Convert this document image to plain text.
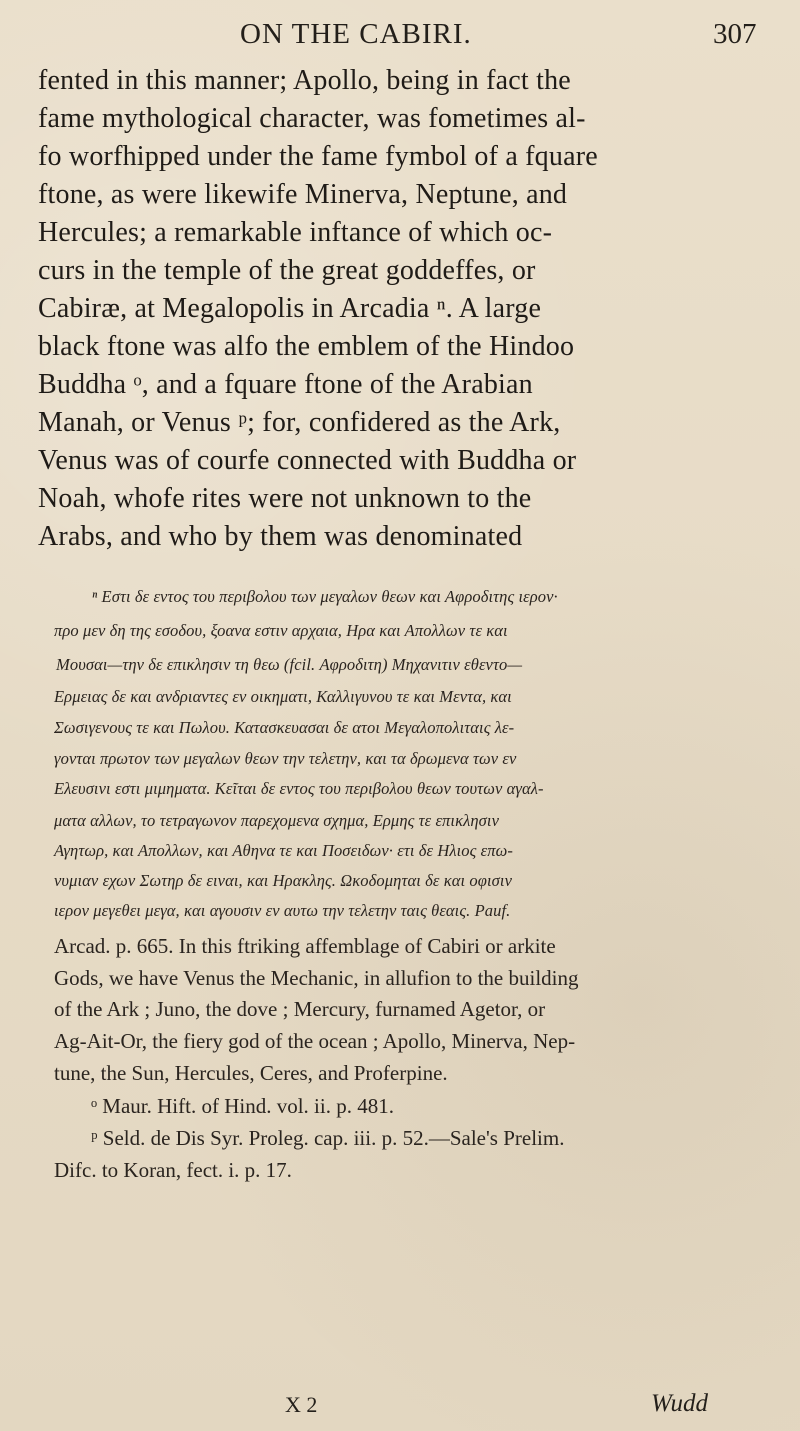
ON THE CABIRI.	307
fented in this manner; Apollo, being in fact the
fame mythological character, was fometimes al-
fo worfhipped under the fame fymbol of a fquare
ftone, as were likewife Minerva, Neptune, and
Hercules; a remarkable inftance of which oc-
curs in the temple of the great goddeffes, or
Cabiræ, at Megalopolis in Arcadia ⁿ. A large
black ftone was alfo the emblem of the Hindoo
Buddha ᵒ, and a fquare ftone of the Arabian
Manah, or Venus ᵖ; for, confidered as the Ark,
Venus was of courfe connected with Buddha or
Noah, whofe rites were not unknown to the
Arabs, and who by them was denominated
ⁿ Εστι δε εντος του περιβολου των μεγαλων θεων και Αφροδιτης ιερον·
προ μεν δη της εσοδου, ξοανα εστιν αρχαια, Ηρα και Απολλων τε και
Μουσαι—την δε επικλησιν τη θεω (fcil. Αφροδιτη) Μηχανιτιν εθεντο—
Ερμειας δε και ανδριαντες εν οικηματι, Καλλιγυνου τε και Μεντα, και
Σωσιγενους τε και Πωλου. Κατασκευασαι δε ατοι Μεγαλοπολιταις λε-
γονται πρωτον των μεγαλων θεων την τελετην, και τα δρωμενα των εν
Ελευσινι εστι μιμηματα. Κεῖται δε εντος του περιβολου θεων τουτων αγαλ-
ματα αλλων, το τετραγωνον παρεχομενα σχημα, Ερμης τε επικλησιν
Αγητωρ, και Απολλων, και Αθηνα τε και Ποσειδων· ετι δε Ηλιος επω-
νυμιαν εχων Σωτηρ δε ειναι, και Ηρακλης. Ωκοδομηται δε και οφισιν
ιερον μεγεθει μεγα, και αγουσιν εν αυτω την τελετην ταις θεαις. Pauf.
Arcad. p. 665. In this ftriking affemblage of Cabiri or arkite
Gods, we have Venus the Mechanic, in allufion to the building
of the Ark ; Juno, the dove ; Mercury, furnamed Agetor, or
Ag-Ait-Or, the fiery god of the ocean ; Apollo, Minerva, Nep-
tune, the Sun, Hercules, Ceres, and Proferpine.
ᵒ Maur. Hift. of Hind. vol. ii. p. 481.
ᵖ Seld. de Dis Syr. Proleg. cap. iii. p. 52.—Sale's Prelim.
Difc. to Koran, fect. i. p. 17.
X 2	Wudd
